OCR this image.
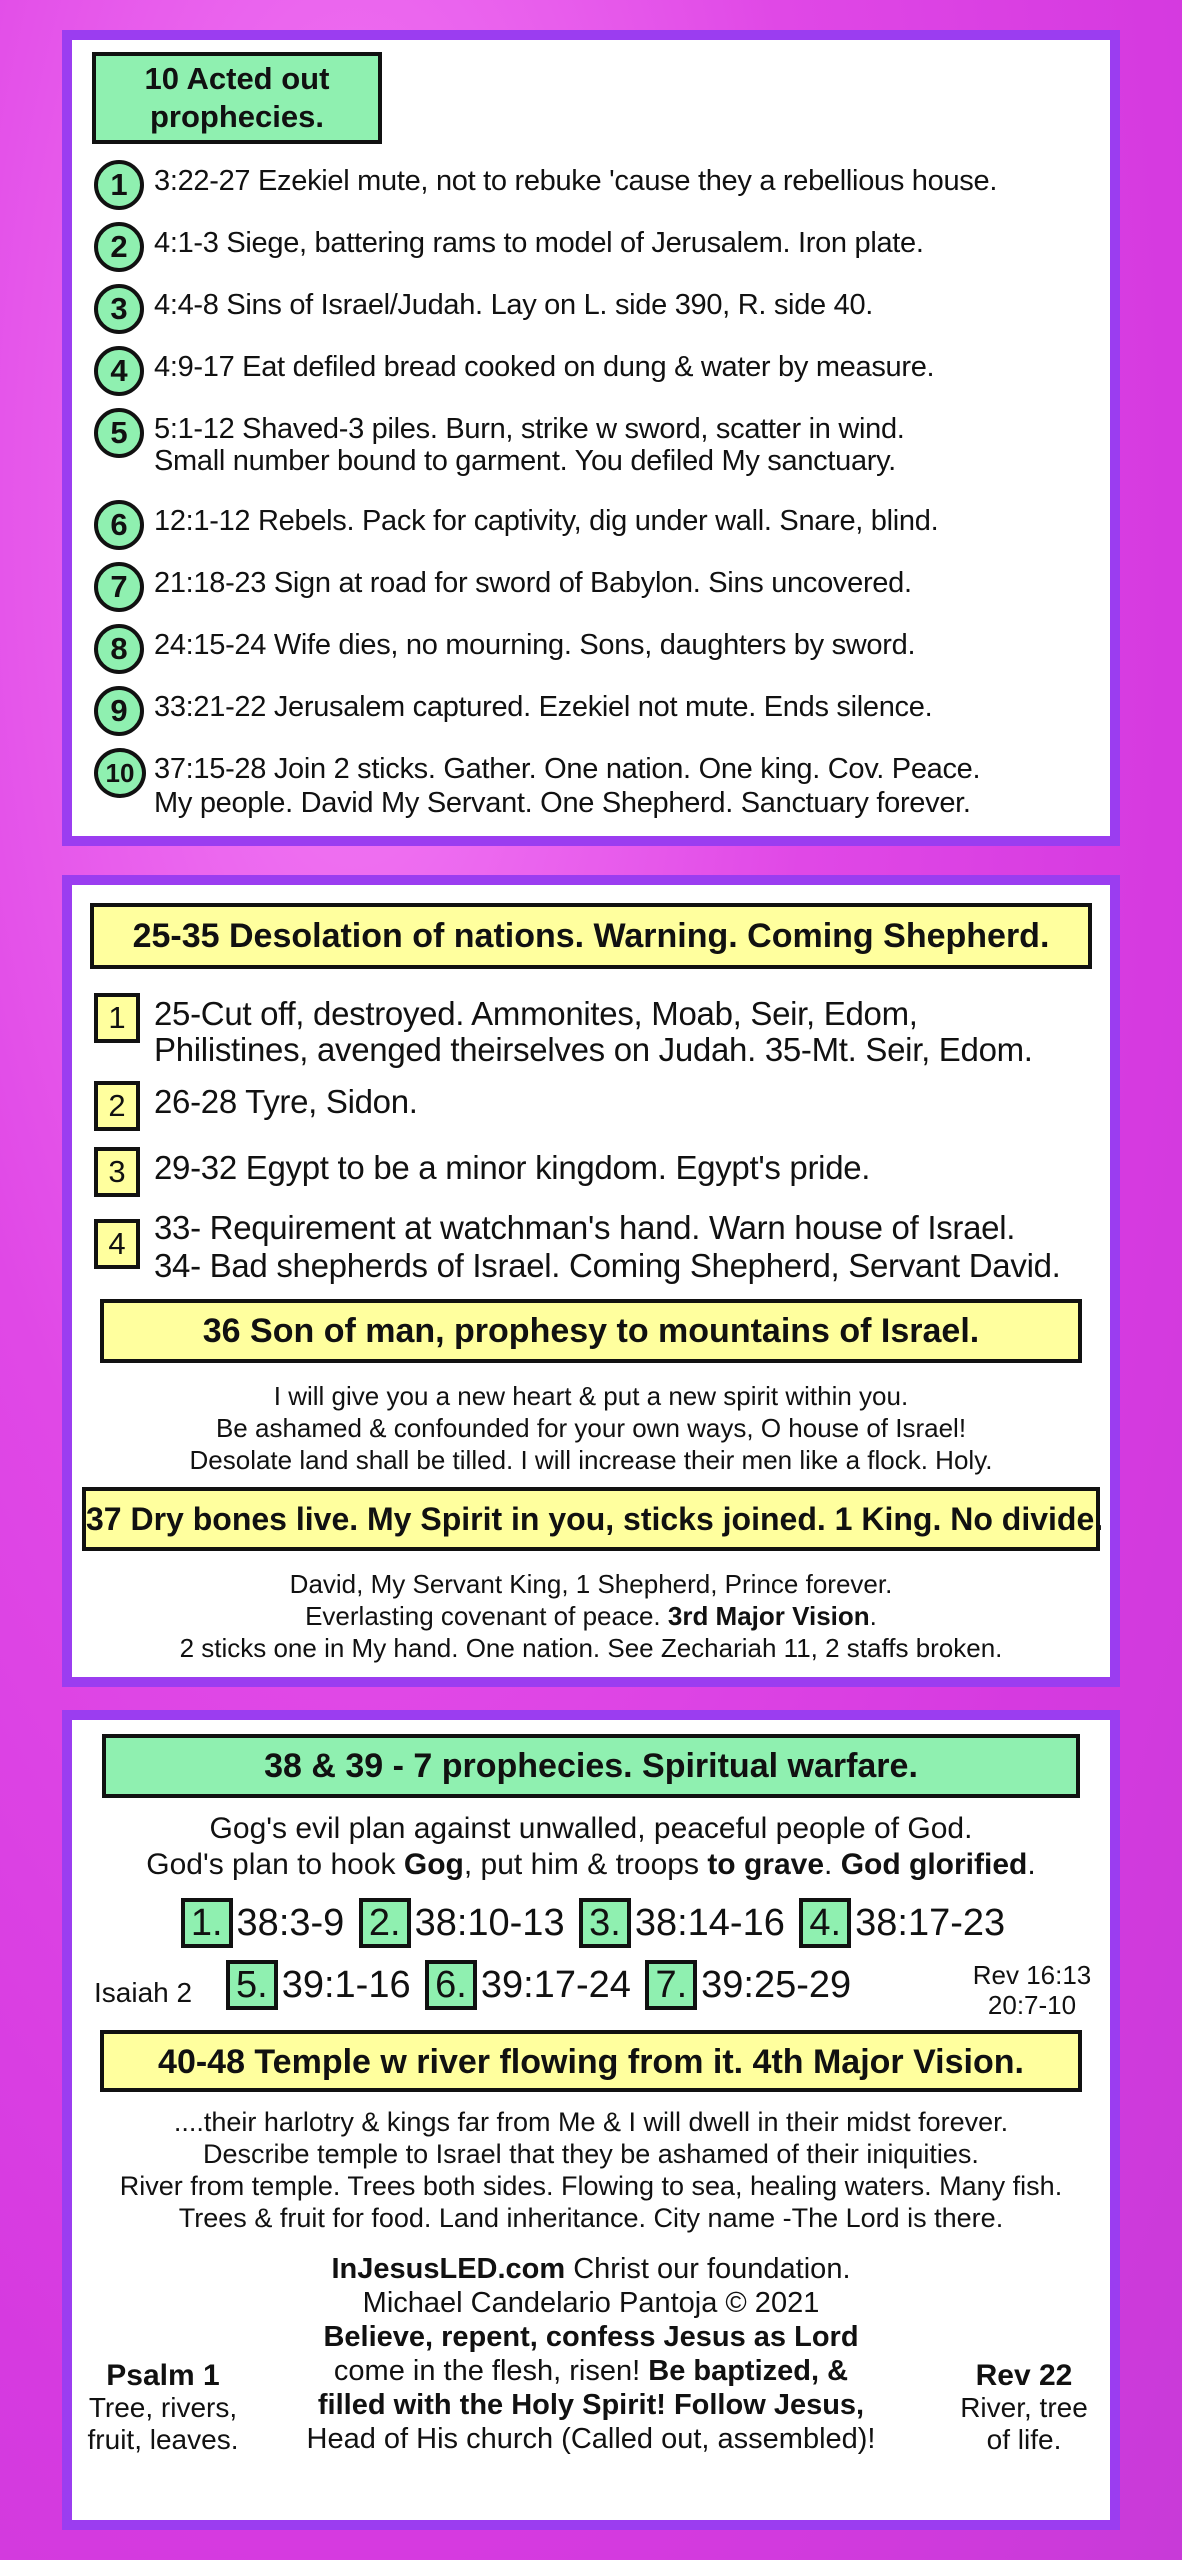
10 Acted out
prophecies.
1 3:22-27 Ezekiel mute, not to rebuke 'cause they a rebellious house.
2 4:1-3 Siege, battering rams to model of Jerusalem. Iron plate.
3 4:4-8 Sins of Israel/Judah. Lay on L. side 390, R. side 40.
4 4:9-17 Eat defiled bread cooked on dung & water by measure.
5 5:1-12 Shaved-3 piles. Burn, strike w sword, scatter in wind.
Small number bound to garment. You defiled My sanctuary.
6 12:1-12 Rebels. Pack for captivity, dig under wall. Snare, blind.
7 21:18-23 Sign at road for sword of Babylon. Sins uncovered.
8 24:15-24 Wife dies, no mourning. Sons, daughters by sword.
9 33:21-22 Jerusalem captured. Ezekiel not mute. Ends silence.
10 37:15-28 Join 2 sticks. Gather. One nation. One king. Cov. Peace.
My people. David My Servant. One Shepherd. Sanctuary forever.
25-35 Desolation of nations. Warning. Coming Shepherd.
1 25-Cut off, destroyed. Ammonites, Moab, Seir, Edom,
Philistines, avenged theirselves on Judah. 35-Mt. Seir, Edom.
2 26-28 Tyre, Sidon.
3 29-32 Egypt to be a minor kingdom. Egypt's pride.
4 33- Requirement at watchman's hand. Warn house of Israel.
34- Bad shepherds of Israel. Coming Shepherd, Servant David.
36 Son of man, prophesy to mountains of Israel.
I will give you a new heart & put a new spirit within you.
Be ashamed & confounded for your own ways, O house of Israel!
Desolate land shall be tilled. I will increase their men like a flock. Holy.
37 Dry bones live. My Spirit in you, sticks joined. 1 King. No divide.
David, My Servant King, 1 Shepherd, Prince forever.
Everlasting covenant of peace. 3rd Major Vision.
2 sticks one in My hand. One nation. See Zechariah 11, 2 staffs broken.
38 & 39 - 7 prophecies. Spiritual warfare.
Gog's evil plan against unwalled, peaceful people of God.
God's plan to hook Gog, put him & troops to grave. God glorified.
1. 38:3-9 2. 38:10-13 3. 38:14-16 4. 38:17-23
Isaiah 2	5. 39:1-16 6. 39:17-24 7. 39:25-29	Rev 16:13
20:7-10
40-48 Temple w river flowing from it. 4th Major Vision.
....their harlotry & kings far from Me & I will dwell in their midst forever.
Describe temple to Israel that they be ashamed of their iniquities.
River from temple. Trees both sides. Flowing to sea, healing waters. Many fish.
Trees & fruit for food. Land inheritance. City name -The Lord is there.
InJesusLED.com Christ our foundation.
Michael Candelario Pantoja © 2021
Believe, repent, confess Jesus as Lord
come in the flesh, risen! Be baptized, &
filled with the Holy Spirit! Follow Jesus,
Head of His church (Called out, assembled)!
Psalm 1
Tree, rivers,
fruit, leaves.
Rev 22
River, tree
of life.
